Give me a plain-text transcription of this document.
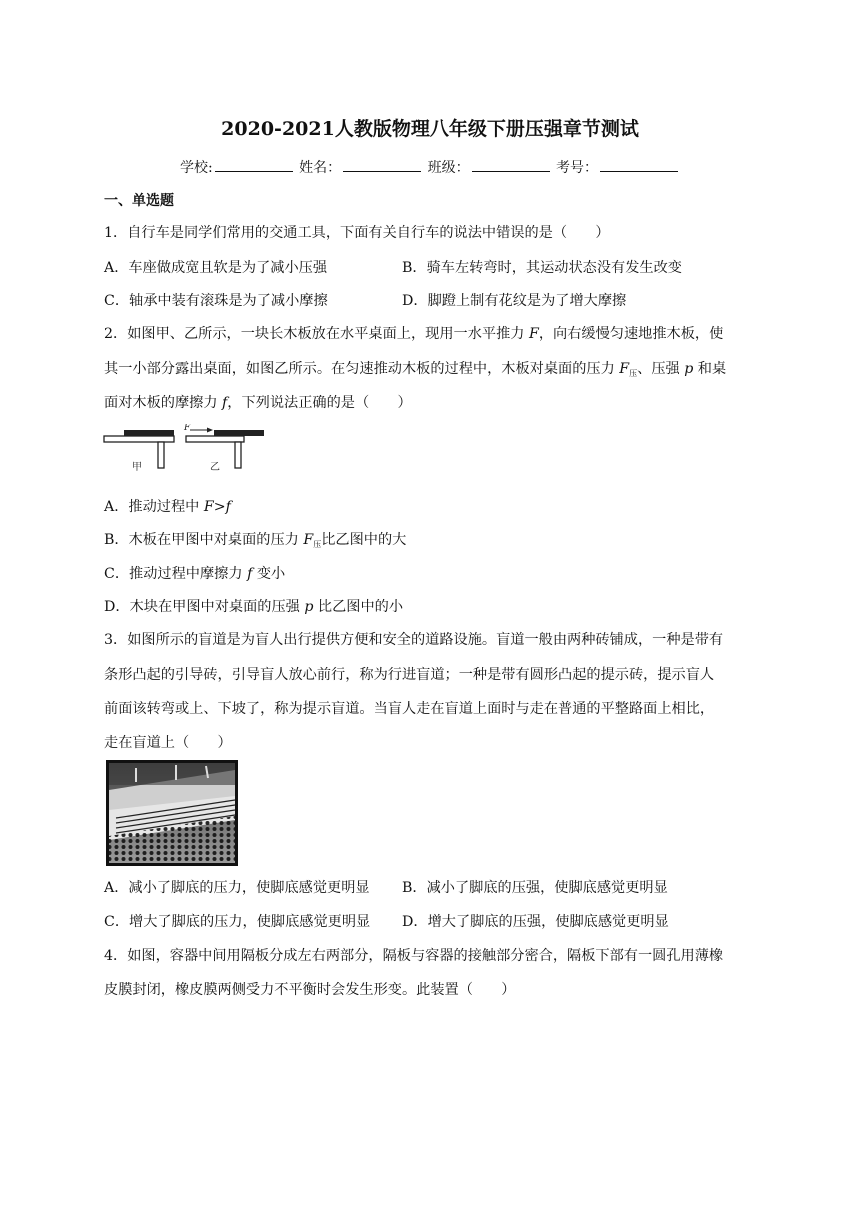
2020-2021人教版物理八年级下册压强章节测试
学校:	姓名：	班级：	考号：
一、单选题
1．自行车是同学们常用的交通工具，下面有关自行车的说法中错误的是（　　）
A．车座做成宽且软是为了减小压强	B．骑车左转弯时，其运动状态没有发生改变
C．轴承中装有滚珠是为了减小摩擦	D．脚蹬上制有花纹是为了增大摩擦
2．如图甲、乙所示，一块长木板放在水平桌面上，现用一水平推力 F，向右缓慢匀速地推木板，使
其一小部分露出桌面，如图乙所示。在匀速推动木板的过程中，木板对桌面的压力 $F_压$、压强 p 和桌
面对木板的摩擦力 f，下列说法正确的是（　　）
甲
F
乙
A．推动过程中 F>f
B．木板在甲图中对桌面的压力 $F_压$比乙图中的大
C．推动过程中摩擦力 f 变小
D．木块在甲图中对桌面的压强 p 比乙图中的小
3．如图所示的盲道是为盲人出行提供方便和安全的道路设施。盲道一般由两种砖铺成，一种是带有
条形凸起的引导砖，引导盲人放心前行，称为行进盲道；一种是带有圆形凸起的提示砖，提示盲人
前面该转弯或上、下坡了，称为提示盲道。当盲人走在盲道上面时与走在普通的平整路面上相比，
走在盲道上（　　）
A．减小了脚底的压力，使脚底感觉更明显 B．减小了脚底的压强，使脚底感觉更明显
C．增大了脚底的压力，使脚底感觉更明显 D．增大了脚底的压强，使脚底感觉更明显
4．如图，容器中间用隔板分成左右两部分，隔板与容器的接触部分密合，隔板下部有一圆孔用薄橡
皮膜封闭，橡皮膜两侧受力不平衡时会发生形变。此装置（　　）
